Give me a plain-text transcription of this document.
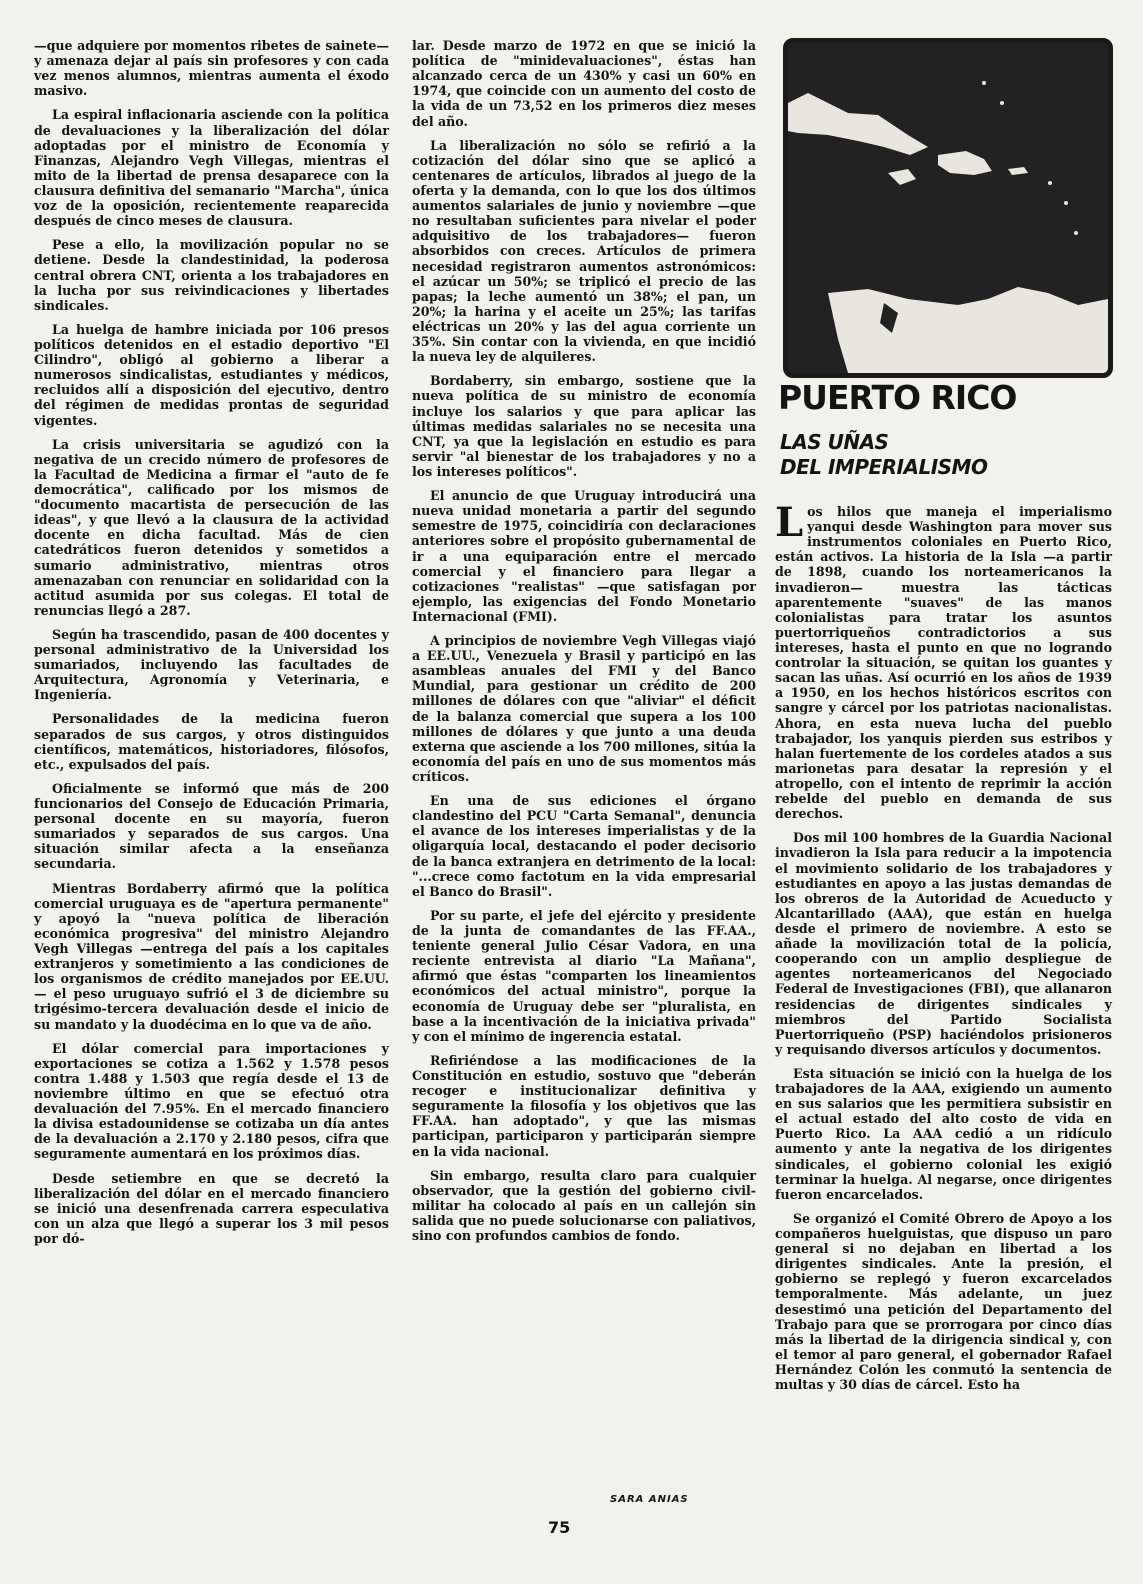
—que adquiere por momentos ribetes de sainete— y amenaza dejar al país sin profesores y con cada vez menos alumnos, mientras aumenta el éxodo masivo.

La espiral inflacionaria asciende con la política de devaluaciones y la liberalización del dólar adoptadas por el ministro de Economía y Finanzas, Alejandro Vegh Villegas, mientras el mito de la libertad de prensa desaparece con la clausura definitiva del semanario "Marcha", única voz de la oposición, recientemente reaparecida después de cinco meses de clausura.

Pese a ello, la movilización popular no se detiene. Desde la clandestinidad, la poderosa central obrera CNT, orienta a los trabajadores en la lucha por sus reivindicaciones y libertades sindicales.

La huelga de hambre iniciada por 106 presos políticos detenidos en el estadio deportivo "El Cilindro", obligó al gobierno a liberar a numerosos sindicalistas, estudiantes y médicos, recluidos allí a disposición del ejecutivo, dentro del régimen de medidas prontas de seguridad vigentes.

La crisis universitaria se agudizó con la negativa de un crecido número de profesores de la Facultad de Medicina a firmar el "auto de fe democrática", calificado por los mismos de "documento macartista de persecución de las ideas", y que llevó a la clausura de la actividad docente en dicha facultad. Más de cien catedráticos fueron detenidos y sometidos a sumario administrativo, mientras otros amenazaban con renunciar en solidaridad con la actitud asumida por sus colegas. El total de renuncias llegó a 287.

Según ha trascendido, pasan de 400 docentes y personal administrativo de la Universidad los sumariados, incluyendo las facultades de Arquitectura, Agronomía y Veterinaria, e Ingeniería.

Personalidades de la medicina fueron separados de sus cargos, y otros distinguidos científicos, matemáticos, historiadores, filósofos, etc., expulsados del país.

Oficialmente se informó que más de 200 funcionarios del Consejo de Educación Primaria, personal docente en su mayoría, fueron sumariados y separados de sus cargos. Una situación similar afecta a la enseñanza secundaria.

Mientras Bordaberry afirmó que la política comercial uruguaya es de "apertura permanente" y apoyó la "nueva política de liberación económica progresiva" del ministro Alejandro Vegh Villegas —entrega del país a los capitales extranjeros y sometimiento a las condiciones de los organismos de crédito manejados por EE.UU.— el peso uruguayo sufrió el 3 de diciembre su trigésimo-tercera devaluación desde el inicio de su mandato y la duodécima en lo que va de año.

El dólar comercial para importaciones y exportaciones se cotiza a 1.562 y 1.578 pesos contra 1.488 y 1.503 que regía desde el 13 de noviembre último en que se efectuó otra devaluación del 7.95%. En el mercado financiero la divisa estadounidense se cotizaba un día antes de la devaluación a 2.170 y 2.180 pesos, cifra que seguramente aumentará en los próximos días.

Desde setiembre en que se decretó la liberalización del dólar en el mercado financiero se inició una desenfrenada carrera especulativa con un alza que llegó a superar los 3 mil pesos por dó-

lar. Desde marzo de 1972 en que se inició la política de "minidevaluaciones", éstas han alcanzado cerca de un 430% y casi un 60% en 1974, que coincide con un aumento del costo de la vida de un 73,52 en los primeros diez meses del año.

La liberalización no sólo se refirió a la cotización del dólar sino que se aplicó a centenares de artículos, librados al juego de la oferta y la demanda, con lo que los dos últimos aumentos salariales de junio y noviembre —que no resultaban suficientes para nivelar el poder adquisitivo de los trabajadores— fueron absorbidos con creces. Artículos de primera necesidad registraron aumentos astronómicos: el azúcar un 50%; se triplicó el precio de las papas; la leche aumentó un 38%; el pan, un 20%; la harina y el aceite un 25%; las tarifas eléctricas un 20% y las del agua corriente un 35%. Sin contar con la vivienda, en que incidió la nueva ley de alquileres.

Bordaberry, sin embargo, sostiene que la nueva política de su ministro de economía incluye los salarios y que para aplicar las últimas medidas salariales no se necesita una CNT, ya que la legislación en estudio es para servir "al bienestar de los trabajadores y no a los intereses políticos".

El anuncio de que Uruguay introducirá una nueva unidad monetaria a partir del segundo semestre de 1975, coincidiría con declaraciones anteriores sobre el propósito gubernamental de ir a una equiparación entre el mercado comercial y el financiero para llegar a cotizaciones "realistas" —que satisfagan por ejemplo, las exigencias del Fondo Monetario Internacional (FMI).

A principios de noviembre Vegh Villegas viajó a EE.UU., Venezuela y Brasil y participó en las asambleas anuales del FMI y del Banco Mundial, para gestionar un crédito de 200 millones de dólares con que "aliviar" el déficit de la balanza comercial que supera a los 100 millones de dólares y que junto a una deuda externa que asciende a los 700 millones, sitúa la economía del país en uno de sus momentos más críticos.

En una de sus ediciones el órgano clandestino del PCU "Carta Semanal", denuncia el avance de los intereses imperialistas y de la oligarquía local, destacando el poder decisorio de la banca extranjera en detrimento de la local: "...crece como factotum en la vida empresarial el Banco do Brasil".

Por su parte, el jefe del ejército y presidente de la junta de comandantes de las FF.AA., teniente general Julio César Vadora, en una reciente entrevista al diario "La Mañana", afirmó que éstas "comparten los lineamientos económicos del actual ministro", porque la economía de Uruguay debe ser "pluralista, en base a la incentivación de la iniciativa privada" y con el mínimo de ingerencia estatal.

Refiriéndose a las modificaciones de la Constitución en estudio, sostuvo que "deberán recoger e institucionalizar definitiva y seguramente la filosofía y los objetivos que las FF.AA. han adoptado", y que las mismas participan, participaron y participarán siempre en la vida nacional.

Sin embargo, resulta claro para cualquier observador, que la gestión del gobierno civil-militar ha colocado al país en un callejón sin salida que no puede solucionarse con paliativos, sino con profundos cambios de fondo.

PUERTO RICO
LAS UÑAS
DEL IMPERIALISMO

Los hilos que maneja el imperialismo yanqui desde Washington para mover sus instrumentos coloniales en Puerto Rico, están activos. La historia de la Isla —a partir de 1898, cuando los norteamericanos la invadieron— muestra las tácticas aparentemente "suaves" de las manos colonialistas para tratar los asuntos puertorriqueños contradictorios a sus intereses, hasta el punto en que no logrando controlar la situación, se quitan los guantes y sacan las uñas. Así ocurrió en los años de 1939 a 1950, en los hechos históricos escritos con sangre y cárcel por los patriotas nacionalistas. Ahora, en esta nueva lucha del pueblo trabajador, los yanquis pierden sus estribos y halan fuertemente de los cordeles atados a sus marionetas para desatar la represión y el atropello, con el intento de reprimir la acción rebelde del pueblo en demanda de sus derechos.

Dos mil 100 hombres de la Guardia Nacional invadieron la Isla para reducir a la impotencia el movimiento solidario de los trabajadores y estudiantes en apoyo a las justas demandas de los obreros de la Autoridad de Acueducto y Alcantarillado (AAA), que están en huelga desde el primero de noviembre. A esto se añade la movilización total de la policía, cooperando con un amplio despliegue de agentes norteamericanos del Negociado Federal de Investigaciones (FBI), que allanaron residencias de dirigentes sindicales y miembros del Partido Socialista Puertorriqueño (PSP) haciéndolos prisioneros y requisando diversos artículos y documentos.

Esta situación se inició con la huelga de los trabajadores de la AAA, exigiendo un aumento en sus salarios que les permitiera subsistir en el actual estado del alto costo de vida en Puerto Rico. La AAA cedió a un ridículo aumento y ante la negativa de los dirigentes sindicales, el gobierno colonial les exigió terminar la huelga. Al negarse, once dirigentes fueron encarcelados.

Se organizó el Comité Obrero de Apoyo a los compañeros huelguistas, que dispuso un paro general si no dejaban en libertad a los dirigentes sindicales. Ante la presión, el gobierno se replegó y fueron excarcelados temporalmente. Más adelante, un juez desestimó una petición del Departamento del Trabajo para que se prorrogara por cinco días más la libertad de la dirigencia sindical y, con el temor al paro general, el gobernador Rafael Hernández Colón les conmutó la sentencia de multas y 30 días de cárcel. Esto ha

SARA ANIAS
75
